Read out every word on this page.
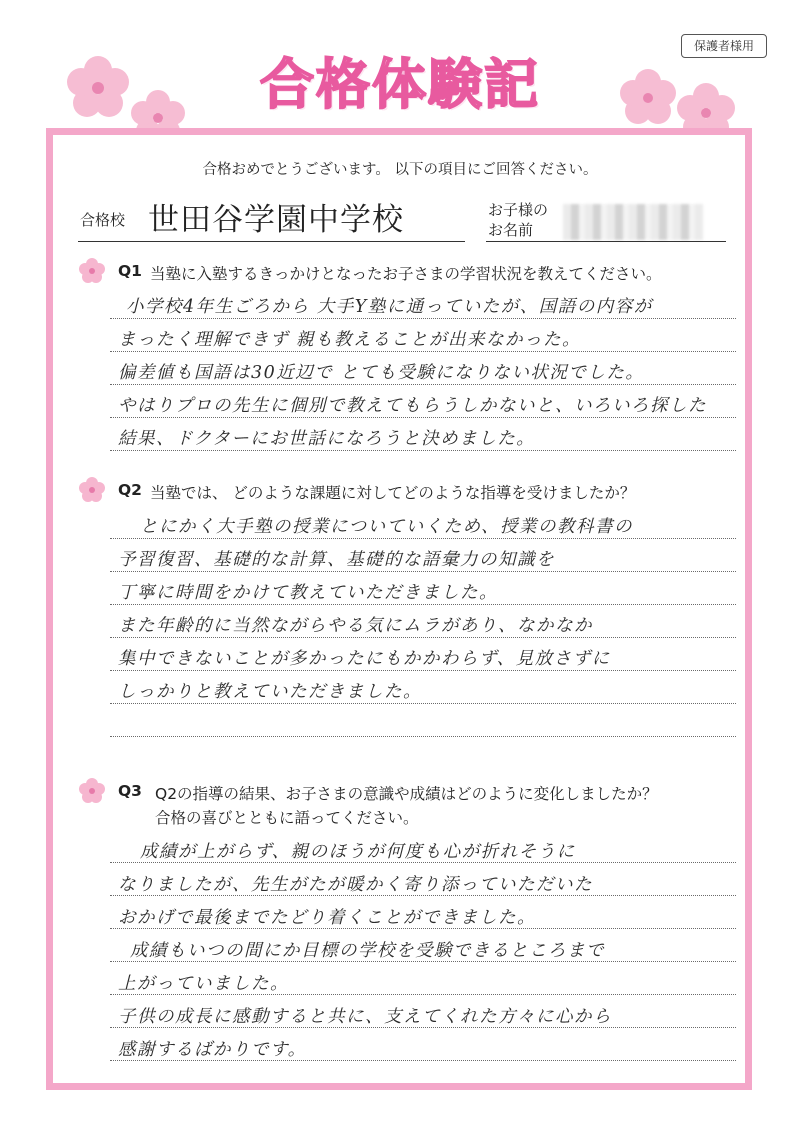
保護者様用
合格体験記
合格おめでとうございます。 以下の項目にご回答ください。
合格校 世田谷学園中学校	お子様の
お名前
Q1 当塾に入塾するきっかけとなったお子さまの学習状況を教えてください。
小学校4年生ごろから 大手Y塾に通っていたが、国語の内容が
まったく理解できず 親も教えることが出来なかった。
偏差値も国語は30近辺で とても受験になりない状況でした。
やはりプロの先生に個別で教えてもらうしかないと、いろいろ探した
結果、ドクターにお世話になろうと決めました。
Q2 当塾では、 どのような課題に対してどのような指導を受けましたか？
とにかく大手塾の授業についていくため、授業の教科書の
予習復習、基礎的な計算、基礎的な語彙力の知識を
丁寧に時間をかけて教えていただきました。
また年齢的に当然ながらやる気にムラがあり、なかなか
集中できないことが多かったにもかかわらず、見放さずに
しっかりと教えていただきました。
Q3 Q2の指導の結果、お子さまの意識や成績はどのように変化しましたか？
合格の喜びとともに語ってください。
成績が上がらず、親のほうが何度も心が折れそうに
なりましたが、先生がたが暖かく寄り添っていただいた
おかげで最後までたどり着くことができました。
成績もいつの間にか目標の学校を受験できるところまで
上がっていました。
子供の成長に感動すると共に、支えてくれた方々に心から
感謝するばかりです。
